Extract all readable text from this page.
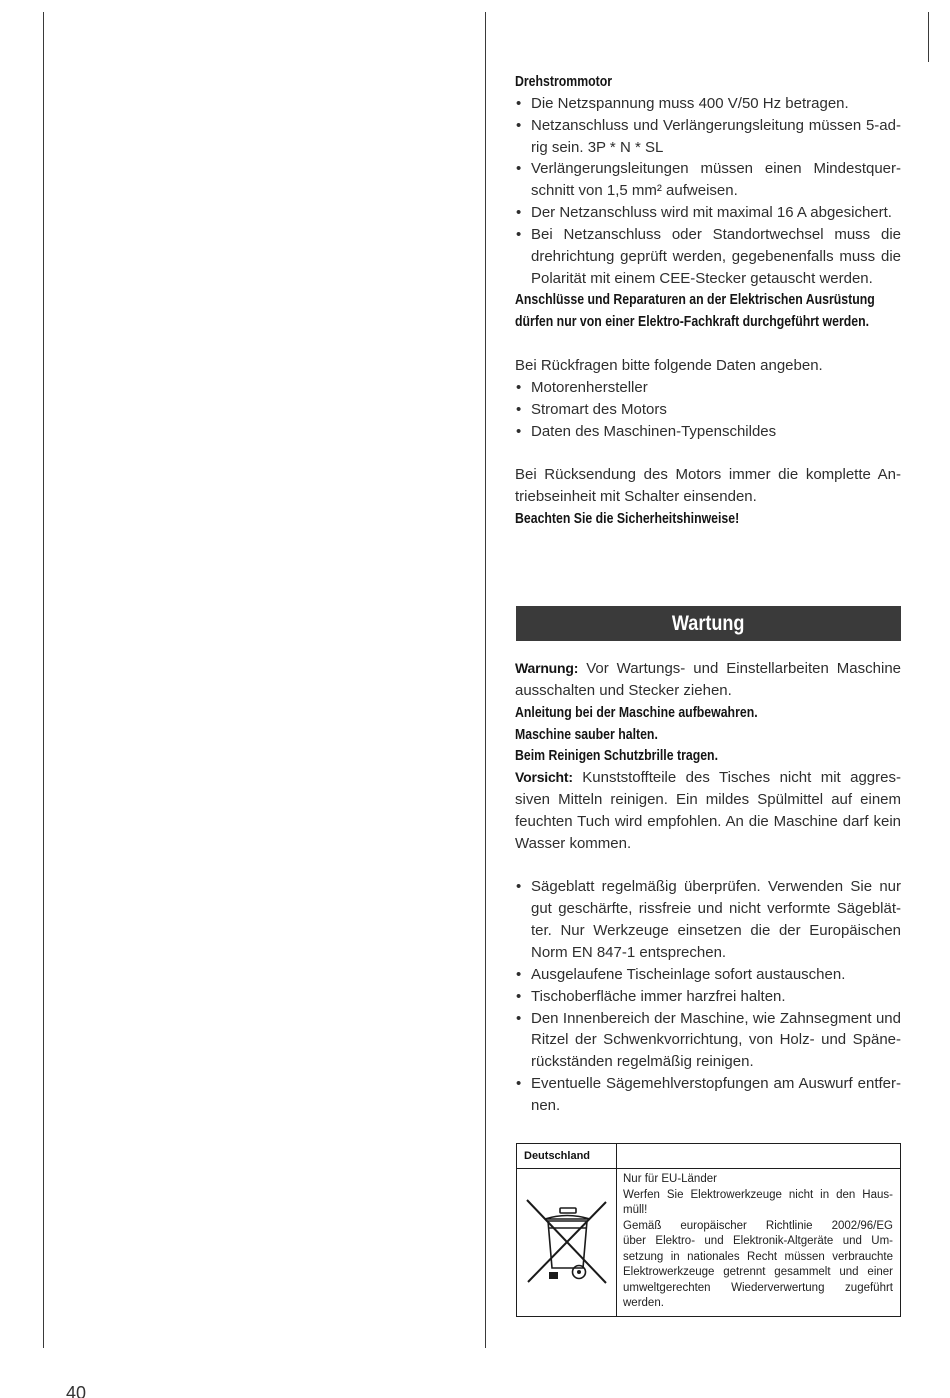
Drehstrommotor
• Die Netzspannung muss 400 V/50 Hz betragen.
• Netzanschluss und Verlängerungsleitung müssen 5-ad-
rig sein. 3P * N * SL
• Verlängerungsleitungen müssen einen Mindestquer-
schnitt von 1,5 mm² aufweisen.
• Der Netzanschluss wird mit maximal 16 A abgesichert.
• Bei Netzanschluss oder Standortwechsel muss die
drehrichtung geprüft werden, gegebenenfalls muss die
Polarität mit einem CEE-Stecker getauscht werden.
Anschlüsse und Reparaturen an der Elektrischen Ausrüstung
dürfen nur von einer Elektro-Fachkraft durchgeführt werden.
Bei Rückfragen bitte folgende Daten angeben.
• Motorenhersteller
• Stromart des Motors
• Daten des Maschinen-Typenschildes
Bei Rücksendung des Motors immer die komplette An-
triebseinheit mit Schalter einsenden.
Beachten Sie die Sicherheitshinweise!
Wartung
Warnung: Vor Wartungs- und Einstellarbeiten Maschine
ausschalten und Stecker ziehen.
Anleitung bei der Maschine aufbewahren.
Maschine sauber halten.
Beim Reinigen Schutzbrille tragen.
Vorsicht: Kunststoffteile des Tisches nicht mit aggres-
siven Mitteln reinigen. Ein mildes Spülmittel auf einem
feuchten Tuch wird empfohlen. An die Maschine darf kein
Wasser kommen.
• Sägeblatt regelmäßig überprüfen. Verwenden Sie nur
gut geschärfte, rissfreie und nicht verformte Sägeblät-
ter. Nur Werkzeuge einsetzen die der Europäischen
Norm EN 847-1 entsprechen.
• Ausgelaufene Tischeinlage sofort austauschen.
• Tischoberfläche immer harzfrei halten.
• Den Innenbereich der Maschine, wie Zahnsegment und
Ritzel der Schwenkvorrichtung, von Holz- und Späne-
rückständen regelmäßig reinigen.
• Eventuelle Sägemehlverstopfungen am Auswurf entfer-
nen.
Deutschland
Nur für EU-Länder
Werfen Sie Elektrowerkzeuge nicht in den Haus-
müll!
Gemäß europäischer Richtlinie 2002/96/EG
über Elektro- und Elektronik-Altgeräte und Um-
setzung in nationales Recht müssen verbrauchte
Elektrowerkzeuge getrennt gesammelt und einer
umweltgerechten Wiederverwertung zugeführt
werden.
40
